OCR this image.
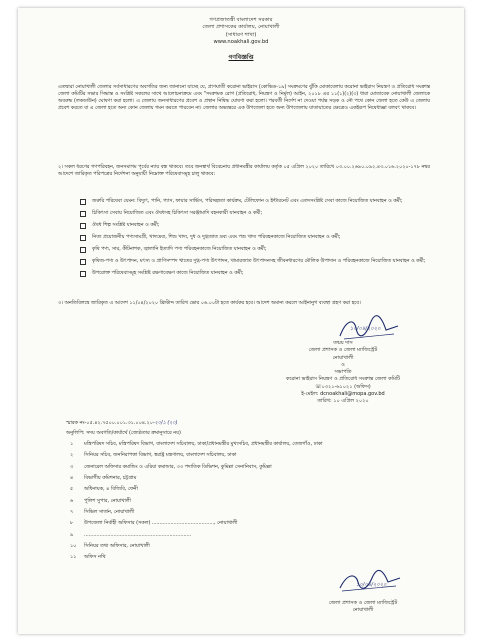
গণপ্রজাতন্ত্রী বাংলাদেশ সরকার
জেলা প্রশাসকের কার্যালয়, নোয়াখালী
(সাধারণ শাখা)
www.noakhali.gov.bd
গণবিজ্ঞপ্তি
এতদ্বারা নোয়াখালী জেলার সর্বসাধারণের অবগতির জন্য জানানো যাচ্ছে যে, প্রাণঘাতী করোনা ভাইরাস (কোভিড-১৯) সংক্রমণের ঝুঁকি মোকাবেলায় করোনা ভাইরাস নিয়ন্ত্রণ ও প্রতিরোধ সংক্রান্ত জেলা কমিটির সভার সিদ্ধান্ত ও সংশ্লিষ্ট সকলের সাথে আলোচনাক্রমে এবং "সংক্রামক রোগ (প্রতিরোধ, নিয়ন্ত্রণ ও নির্মূল) আইন, ২০১৮ এর ১১(১)(২)(৩) ধারা মোতাবেক নোয়াখালী জেলাকে অবরুদ্ধ (লকডাউন) ঘোষণা করা হলো। এ জেলায় জনসাধারণের প্রবেশ ও প্রস্থান নিষিদ্ধ ঘোষণা করা হলো। পরবর্তী নির্দেশ না দেওয়া পর্যন্ত সড়ক ও নৌ পথে কোন জেলা হতে কেউ এ জেলায় প্রবেশ করতে বা এ জেলা হতে অন্য কোন জেলায় গমন করতে পারবেন না। জেলার অভ্যন্তরে এক উপজেলা হতে অন্য উপজেলায় যাতায়াতের ক্ষেত্রেও একইরূপ নিষেধাজ্ঞা বলবৎ থাকবে।
২। সকল ধরণের গণপরিবহন, জনসমাগম পূর্বের ন্যায় বন্ধ থাকবে। তবে জনস্বার্থ বিবেচনায় প্রধানমন্ত্রীর কার্যালয় কর্তৃক ০৫ এপ্রিল ২০২০ তারিখে ০৩.০০.২৬৯০.০৯২.৪৩.০১৬.২০২০-১৭৮ নম্বর আদেশে জারিকৃত পরিপত্রের নির্দেশনা অনুযায়ী নিম্নোক্ত পরিষেবাসমূহ চালু থাকবে:
জরুরি পরিষেবা যেমন: বিদ্যুৎ, পানি, গ্যাস, ফায়ার সার্ভিস, পরিচ্ছন্নতা কার্যক্রম, টেলিফোন ও ইন্টারনেট এবং এতদসংশ্লিষ্ট সেবা কাজে নিয়োজিত যানবাহন ও কর্মী;
চিকিৎসা সেবায় নিয়োজিত এবং ঔষধসহ চিকিৎসা সরঞ্জামাদি বহনকারী যানবাহন ও কর্মী;
ঔষধ শিল্প সংশ্লিষ্ট যানবাহন ও কর্মী;
নিত্য প্রয়োজনীয় পণ্যসামগ্রী, খাদ্যদ্রব্য, শিশু খাদ্য, দুধ ও দুগ্ধজাত দ্রব্য এবং পশু খাদ্য পরিবহনকাজে নিয়োজিত যানবাহন ও কর্মী;
কৃষি পণ্য, সার, কীটনাশক, জ্বালানি ইত্যাদি পণ্য পরিবহনকাজে নিয়োজিত যানবাহন ও কর্মী;
কৃষিজ-পণ্য ও উৎপাদন, মৎস্য ও প্রাণিসম্পদ খাতের দুগ্ধ-পণ্য উৎপাদন, খামারজাত উৎপাদনসহ জীবনধারণের মৌলিক উপাদান ও পরিবহনকাজে নিয়োজিত যানবাহন ও কর্মী;
উপরোক্ত পরিষেবাসমূহ সংশ্লিষ্ট রক্ষণাবেক্ষণ কাজে নিয়োজিত যানবাহন ও কর্মী;
৩। অনতিবিলম্বে জারিকৃত এ আদেশ ১১/০৪/২০২০ খ্রিস্টাব্দ তারিখ ভোর ০৬.০০টা হতে কার্যকর হবে। আদেশ অমান্য করলে আইনানুগ ব্যবস্থা গ্রহণ করা হবে।
১০/০৪/২০২০
তন্ময় দাস
জেলা প্রশাসক ও জেলা ম্যাজিস্ট্রেট
নোয়াখালী
ও
সভাপতি
করোনা ভাইরাস নিয়ন্ত্রণ ও প্রতিরোধ সংক্রান্ত জেলা কমিটি
☏০৩২১-৬১০২১ (অফিস)
ই-মেইল: dcnoakhali@mopa.gov.bd
তারিখ: ১০ এপ্রিল ২০২০
স্মারক নং-০৫.৪২.৭৫০০.০০১.৩১.০০৪.২০-২০/১ (২০)
অনুলিপি: সদয় অবগতি/কার্যার্থে (জ্যেষ্ঠতার ক্রমানুসারে নয়)
১	মন্ত্রিপরিষদ সচিব, মন্ত্রিপরিষদ বিভাগ, বাংলাদেশ সচিবালয়, ঢাকা/প্রধানমন্ত্রীর মুখ্যসচিব, প্রধানমন্ত্রীর কার্যালয়, তেজগাঁও, ঢাকা
২	সিনিয়র সচিব, জননিরাপত্তা বিভাগ, স্বরাষ্ট্র মন্ত্রণালয়, বাংলাদেশ সচিবালয়, ঢাকা
৩	জেনারেল অফিসার কমান্ডিং ও এরিয়া কমান্ডার, ৩৩ পদাতিক ডিভিশন, কুমিল্লা সেনানিবাস, কুমিল্লা
৪	বিভাগীয় কমিশনার, চট্টগ্রাম
৫	অধিনায়ক, ৪ বিজিবি, ফেনী
৬	পুলিশ সুপার, নোয়াখালী
৭	সিভিল সার্জন, নোয়াখালী
৮	উপজেলা নির্বাহী অফিসার (সকল) ........................................, নোয়াখালী
৯	.....................................................................
১০	সিনিয়র তথ্য অফিসার, নোয়াখালী
১১	অফিস নথি
১০/০৪/২০২০
জেলা প্রশাসক ও জেলা ম্যাজিস্ট্রেট
নোয়াখালী
